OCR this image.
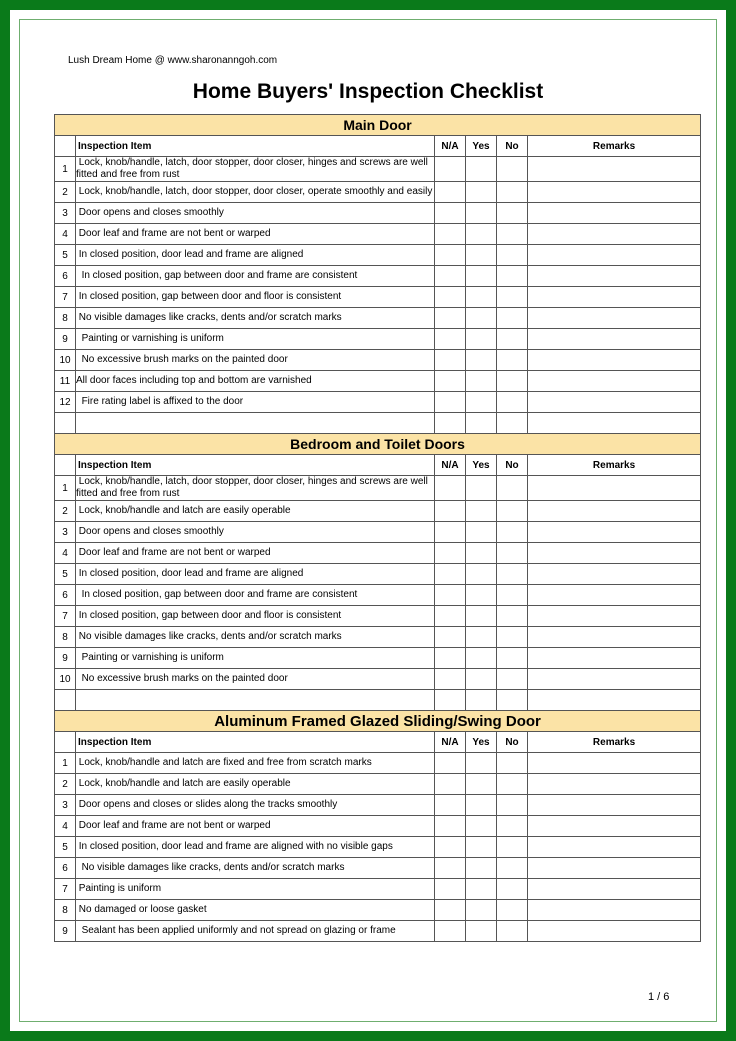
Lush Dream Home @ www.sharonanngoh.com
Home Buyers' Inspection Checklist
Main Door					
	Inspection Item	N/A	Yes	No	Remarks
1	Lock, knob/handle, latch, door stopper, door closer, hinges and screws are well fitted and free from rust				
2	Lock, knob/handle, latch, door stopper, door closer, operate smoothly and easily				
3	Door opens and closes smoothly				
4	Door leaf and frame are not bent or warped				
5	In closed position, door lead and frame are aligned				
6	In closed position, gap between door and frame are consistent				
7	In closed position, gap between door and floor is consistent				
8	No visible damages like cracks, dents and/or scratch marks				
9	Painting or varnishing is uniform				
10	No excessive brush marks on the painted door				
11	All door faces including top and bottom are varnished				
12	Fire rating label is affixed to the door				

Bedroom and Toilet Doors					
	Inspection Item	N/A	Yes	No	Remarks
1	Lock, knob/handle, latch, door stopper, door closer, hinges and screws are well fitted and free from rust				
2	Lock, knob/handle and latch are easily operable				
3	Door opens and closes smoothly				
4	Door leaf and frame are not bent or warped				
5	In closed position, door lead and frame are aligned				
6	In closed position, gap between door and frame are consistent				
7	In closed position, gap between door and floor is consistent				
8	No visible damages like cracks, dents and/or scratch marks				
9	Painting or varnishing is uniform				
10	No excessive brush marks on the painted door				

Aluminum Framed Glazed Sliding/Swing Door					
	Inspection Item	N/A	Yes	No	Remarks
1	Lock, knob/handle and latch are fixed and free from scratch marks				
2	Lock, knob/handle and latch are easily operable				
3	Door opens and closes or slides along the tracks smoothly				
4	Door leaf and frame are not bent or warped				
5	In closed position, door lead and frame are aligned with no visible gaps				
6	No visible damages like cracks, dents and/or scratch marks				
7	Painting is uniform				
8	No damaged or loose gasket				
9	Sealant has been applied uniformly and not spread on glazing or frame				
1 / 6
